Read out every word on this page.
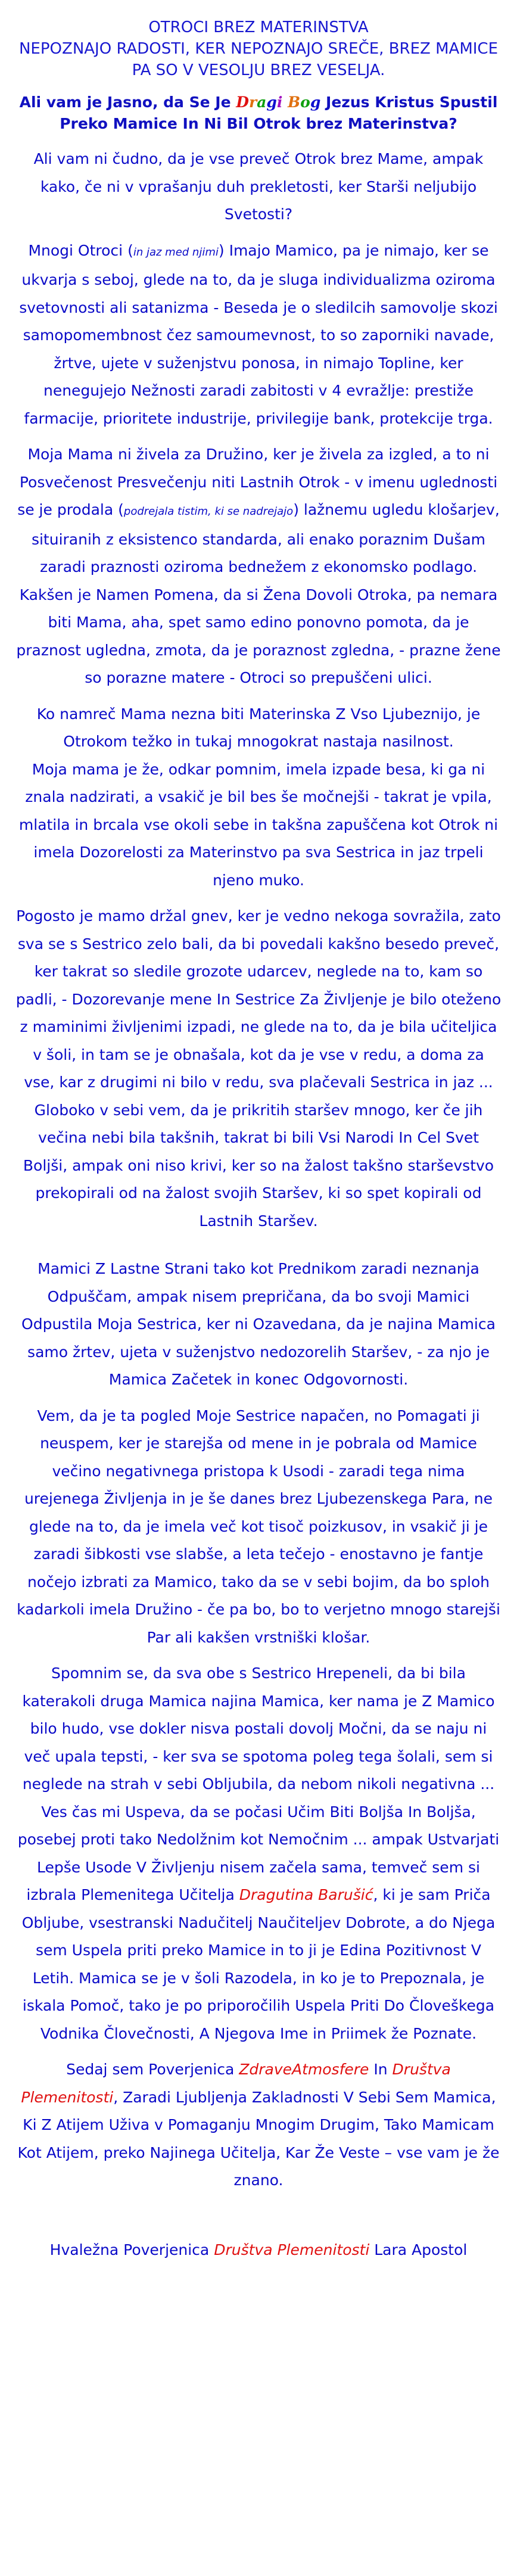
OTROCI BREZ MATERINSTVA
NEPOZNAJO RADOSTI, KER NEPOZNAJO SREČE, BREZ MAMICE PA SO V VESOLJU BREZ VESELJA.

Ali vam je Jasno, da Se Je Dragi Bog Jezus Kristus Spustil Preko Mamice In Ni Bil Otrok brez Materinstva?

Ali vam ni čudno, da je vse preveč Otrok brez Mame, ampak kako, če ni v vprašanju duh prekletosti, ker Starši neljubijo Svetosti?

Mnogi Otroci (in jaz med njimi) Imajo Mamico, pa je nimajo, ker se ukvarja s seboj, glede na to, da je sluga individualizma oziroma svetovnosti ali satanizma - Beseda je o sledilcih samovolje skozi samopomembnost čez samoumevnost, to so zaporniki navade, žrtve, ujete v suženjstvu ponosa, in nimajo Topline, ker nenegujejo Nežnosti zaradi zabitosti v 4 evražlje: prestiže farmacije, prioritete industrije, privilegije bank, protekcije trga.

Moja Mama ni živela za Družino, ker je živela za izgled, a to ni Posvečenost Presvečenju niti Lastnih Otrok - v imenu uglednosti se je prodala (podrejala tistim, ki se nadrejajo) lažnemu ugledu klošarjev, situiranih z eksistenco standarda, ali enako poraznim Dušam zaradi praznosti oziroma bednežem z ekonomsko podlago.

Kakšen je Namen Pomena, da si Žena Dovoli Otroka, pa nemara biti Mama, aha, spet samo edino ponovno pomota, da je praznost ugledna, zmota, da je poraznost zgledna, - prazne žene so porazne matere - Otroci so prepuščeni ulici.

Ko namreč Mama nezna biti Materinska Z Vso Ljubeznijo, je Otrokom težko in tukaj mnogokrat nastaja nasilnost.

Moja mama je že, odkar pomnim, imela izpade besa, ki ga ni znala nadzirati, a vsakič je bil bes še močnejši - takrat je vpila, mlatila in brcala vse okoli sebe in takšna zapuščena kot Otrok ni imela Dozorelosti za Materinstvo pa sva Sestrica in jaz trpeli njeno muko.

Pogosto je mamo držal gnev, ker je vedno nekoga sovražila, zato sva se s Sestrico zelo bali, da bi povedali kakšno besedo preveč, ker takrat so sledile grozote udarcev, neglede na to, kam so padli, - Dozorevanje mene In Sestrice Za Življenje je bilo oteženo z maminimi življenimi izpadi, ne glede na to, da je bila učiteljica v šoli, in tam se je obnašala, kot da je vse v redu, a doma za vse, kar z drugimi ni bilo v redu, sva plačevali Sestrica in jaz ... Globoko v sebi vem, da je prikritih staršev mnogo, ker če jih večina nebi bila takšnih, takrat bi bili Vsi Narodi In Cel Svet Boljši, ampak oni niso krivi, ker so na žalost takšno starševstvo prekopirali od na žalost svojih Staršev, ki so spet kopirali od Lastnih Staršev.

Mamici Z Lastne Strani tako kot Prednikom zaradi neznanja Odpuščam, ampak nisem prepričana, da bo svoji Mamici Odpustila Moja Sestrica, ker ni Ozavedana, da je najina Mamica samo žrtev, ujeta v suženjstvo nedozorelih Staršev, - za njo je Mamica Začetek in konec Odgovornosti.

Vem, da je ta pogled Moje Sestrice napačen, no Pomagati ji neuspem, ker je starejša od mene in je pobrala od Mamice večino negativnega pristopa k Usodi - zaradi tega nima urejenega Življenja in je še danes brez Ljubezenskega Para, ne glede na to, da je imela več kot tisoč poizkusov, in vsakič ji je zaradi šibkosti vse slabše, a leta tečejo - enostavno je fantje nočejo izbrati za Mamico, tako da se v sebi bojim, da bo sploh kadarkoli imela Družino - če pa bo, bo to verjetno mnogo starejši Par ali kakšen vrstniški klošar.

Spomnim se, da sva obe s Sestrico Hrepeneli, da bi bila katerakoli druga Mamica najina Mamica, ker nama je Z Mamico bilo hudo, vse dokler nisva postali dovolj Močni, da se naju ni več upala tepsti, - ker sva se spotoma poleg tega šolali, sem si neglede na strah v sebi Obljubila, da nebom nikoli negativna ... Ves čas mi Uspeva, da se počasi Učim Biti Boljša In Boljša, posebej proti tako Nedolžnim kot Nemočnim ... ampak Ustvarjati Lepše Usode V Življenju nisem začela sama, temveč sem si izbrala Plemenitega Učitelja Dragutina Barušić, ki je sam Priča Obljube, vsestranski Nadučitelj Naučiteljev Dobrote, a do Njega sem Uspela priti preko Mamice in to ji je Edina Pozitivnost V Letih. Mamica se je v šoli Razodela, in ko je to Prepoznala, je iskala Pomoč, tako je po priporočilih Uspela Priti Do Človeškega Vodnika Človečnosti, A Njegova Ime in Priimek že Poznate.

Sedaj sem Poverjenica ZdraveAtmosfere In Društva Plemenitosti, Zaradi Ljubljenja Zakladnosti V Sebi Sem Mamica, Ki Z Atijem Uživa v Pomaganju Mnogim Drugim, Tako Mamicam Kot Atijem, preko Najinega Učitelja, Kar Že Veste – vse vam je že znano.

Hvaležna Poverjenica Društva Plemenitosti Lara Apostol
